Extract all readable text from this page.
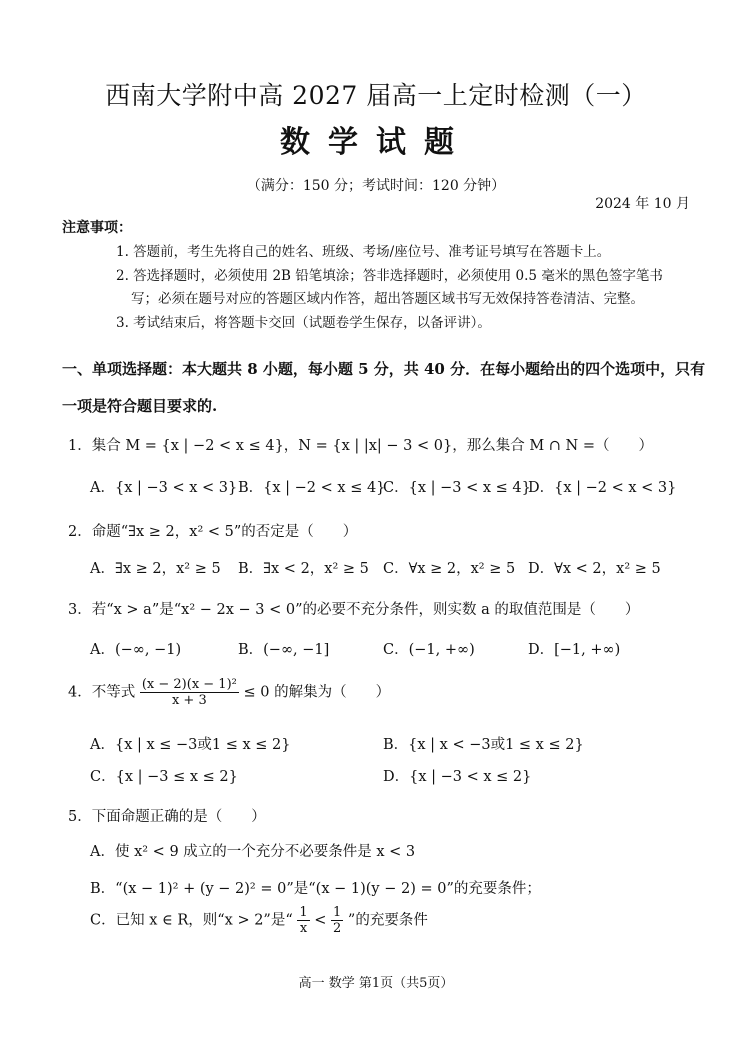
西南大学附中高 2027 届高一上定时检测（一）
数学试题
（满分：150 分；考试时间：120 分钟）
2024 年 10 月
注意事项：
1. 答题前，考生先将自己的姓名、班级、考场/座位号、准考证号填写在答题卡上。
2. 答选择题时，必须使用 2B 铅笔填涂；答非选择题时，必须使用 0.5 毫米的黑色签字笔书
写；必须在题号对应的答题区域内作答，超出答题区域书写无效保持答卷清洁、完整。
3. 考试结束后，将答题卡交回（试题卷学生保存，以备评讲）。
一、单项选择题：本大题共 8 小题，每小题 5 分，共 40 分．在每小题给出的四个选项中，只有
一项是符合题目要求的.
1．集合 M = {x | −2 < x ≤ 4}，N = {x | |x| − 3 < 0}，那么集合 M ∩ N =（　　）
A．{x | −3 < x < 3} B．{x | −2 < x ≤ 4}
C．{x | −3 < x ≤ 4}
D．{x | −2 < x < 3}
2．命题“∃x ≥ 2，x² < 5”的否定是（　　）
A．∃x ≥ 2，x² ≥ 5 B．∃x < 2，x² ≥ 5 C．∀x ≥ 2，x² ≥ 5 D．∀x < 2，x² ≥ 5
3．若“x > a”是“x² − 2x − 3 < 0”的必要不充分条件，则实数 a 的取值范围是（　　）
A．(−∞, −1)	B．(−∞, −1]	C．(−1, +∞)	D．[−1, +∞)
4．不等式 $\frac{\text{(x − 2)(x − 1)²}}{x + 3} \le 0$ 的解集为（　　）
A．{x | x ≤ −3或1 ≤ x ≤ 2}	B．{x | x < −3或1 ≤ x ≤ 2}
C．{x | −3 ≤ x ≤ 2}	D．{x | −3 < x ≤ 2}
5．下面命题正确的是（　　）
A．使 x² < 9 成立的一个充分不必要条件是 x < 3
B．“(x − 1)² + (y − 2)² = 0”是“(x − 1)(y − 2) = 0”的充要条件；
C．已知 x ∈ R，则“x > 2”是“ $\frac{1}{x} < \frac{1}{2}$ ”的充要条件
高一 数学 第1页（共5页）
